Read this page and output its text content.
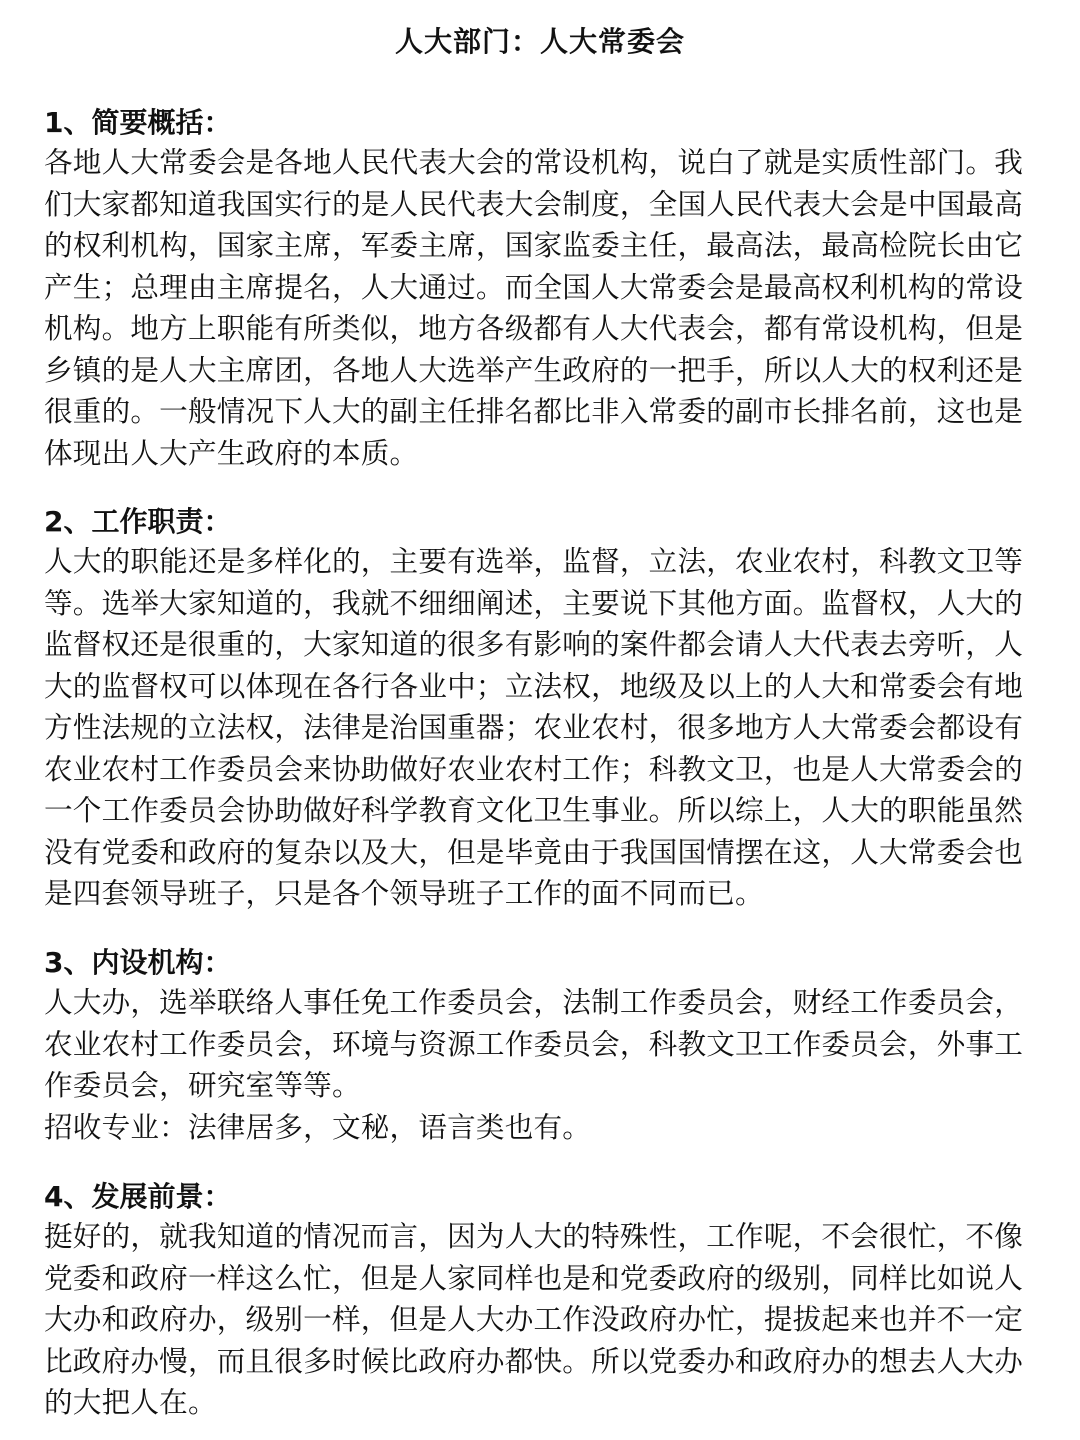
人大部门：人大常委会
1、简要概括：
各地人大常委会是各地人民代表大会的常设机构，说白了就是实质性部门。我
们大家都知道我国实行的是人民代表大会制度，全国人民代表大会是中国最高
的权利机构，国家主席，军委主席，国家监委主任，最高法，最高检院长由它
产生；总理由主席提名，人大通过。而全国人大常委会是最高权利机构的常设
机构。地方上职能有所类似，地方各级都有人大代表会，都有常设机构，但是
乡镇的是人大主席团，各地人大选举产生政府的一把手，所以人大的权利还是
很重的。一般情况下人大的副主任排名都比非入常委的副市长排名前，这也是
体现出人大产生政府的本质。
2、工作职责：
人大的职能还是多样化的，主要有选举，监督，立法，农业农村，科教文卫等
等。选举大家知道的，我就不细细阐述，主要说下其他方面。监督权，人大的
监督权还是很重的，大家知道的很多有影响的案件都会请人大代表去旁听，人
大的监督权可以体现在各行各业中；立法权，地级及以上的人大和常委会有地
方性法规的立法权，法律是治国重器；农业农村，很多地方人大常委会都设有
农业农村工作委员会来协助做好农业农村工作；科教文卫，也是人大常委会的
一个工作委员会协助做好科学教育文化卫生事业。所以综上，人大的职能虽然
没有党委和政府的复杂以及大，但是毕竟由于我国国情摆在这，人大常委会也
是四套领导班子，只是各个领导班子工作的面不同而已。
3、内设机构：
人大办，选举联络人事任免工作委员会，法制工作委员会，财经工作委员会，
农业农村工作委员会，环境与资源工作委员会，科教文卫工作委员会，外事工
作委员会，研究室等等。
招收专业：法律居多，文秘，语言类也有。
4、发展前景：
挺好的，就我知道的情况而言，因为人大的特殊性，工作呢，不会很忙，不像
党委和政府一样这么忙，但是人家同样也是和党委政府的级别，同样比如说人
大办和政府办，级别一样，但是人大办工作没政府办忙，提拔起来也并不一定
比政府办慢，而且很多时候比政府办都快。所以党委办和政府办的想去人大办
的大把人在。
